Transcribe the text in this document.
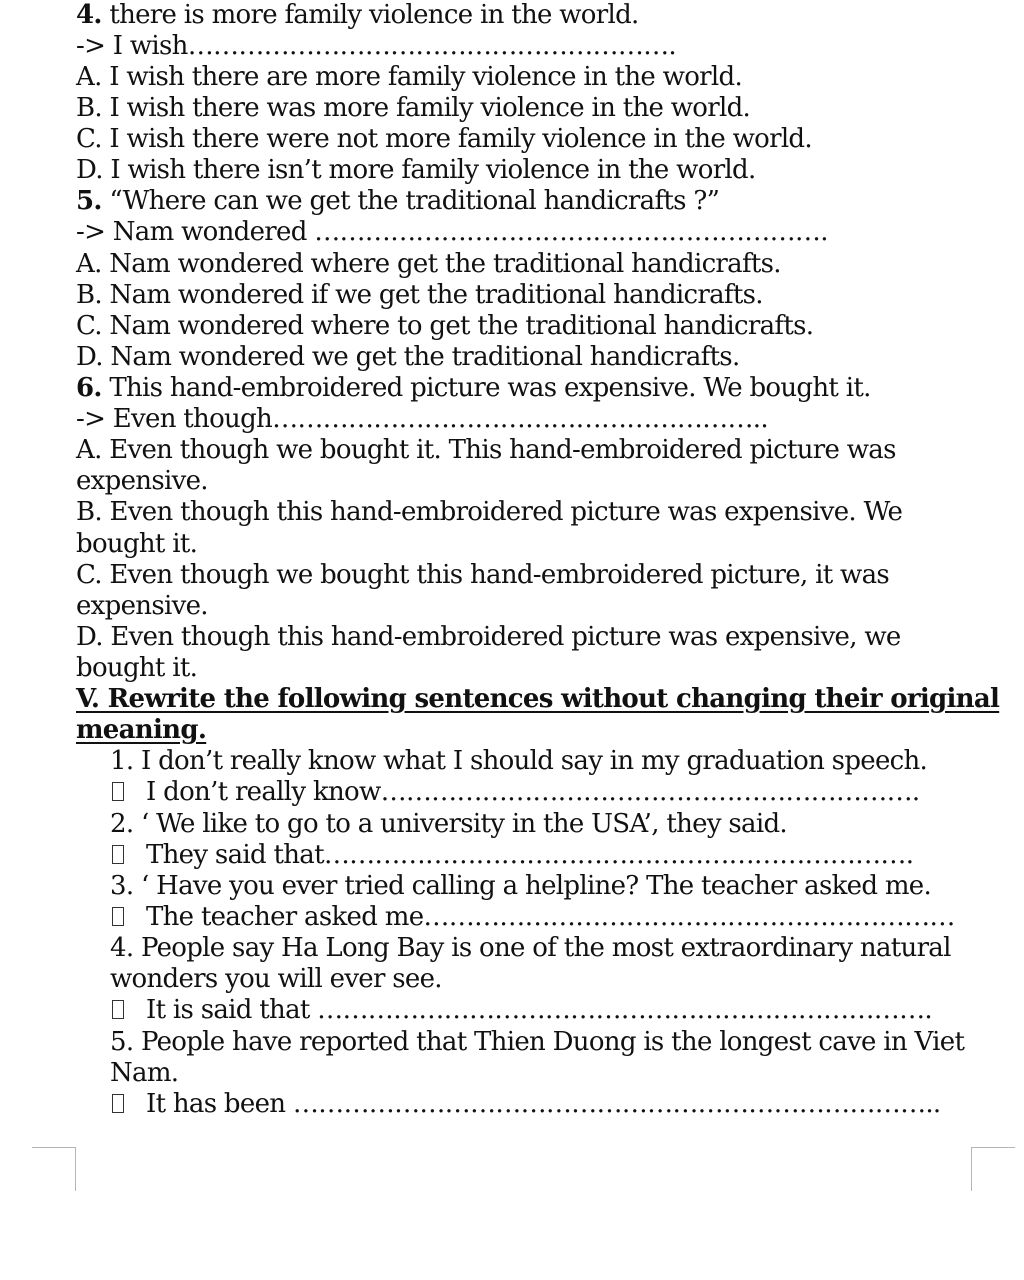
4. there is more family violence in the world.
-> I wish………………………………………………….
A. I wish there are more family violence in the world.
B. I wish there was more family violence in the world.
C. I wish there were not more family violence in the world.
D. I wish there isn’t more family violence in the world.
5. “Where can we get the traditional handicrafts ?”
-> Nam wondered …………………………………………………….
A. Nam wondered where get the traditional handicrafts.
B. Nam wondered if we get the traditional handicrafts.
C. Nam wondered where to get the traditional handicrafts.
D. Nam wondered we get the traditional handicrafts.
6. This hand-embroidered picture was expensive. We bought it.
-> Even though…………………………………………………..
A. Even though we bought it. This hand-embroidered picture was
expensive.
B. Even though this hand-embroidered picture was expensive. We
bought it.
C. Even though we bought this hand-embroidered picture, it was
expensive.
D. Even though this hand-embroidered picture was expensive, we
bought it.
V. Rewrite the following sentences without changing their original
meaning.
1. I don’t really know what I should say in my graduation speech.
I don’t really know……………………………………………………….
2. ‘ We like to go to a university in the USA’, they said.
They said that…………………………………………………………….
3. ‘ Have you ever tried calling a helpline? The teacher asked me.
The teacher asked me………………………………………………………
4. People say Ha Long Bay is one of the most extraordinary natural
wonders you will ever see.
It is said that ……………………………………………………………….
5. People have reported that Thien Duong is the longest cave in Viet
Nam.
It has been …………………………………………………………………..
